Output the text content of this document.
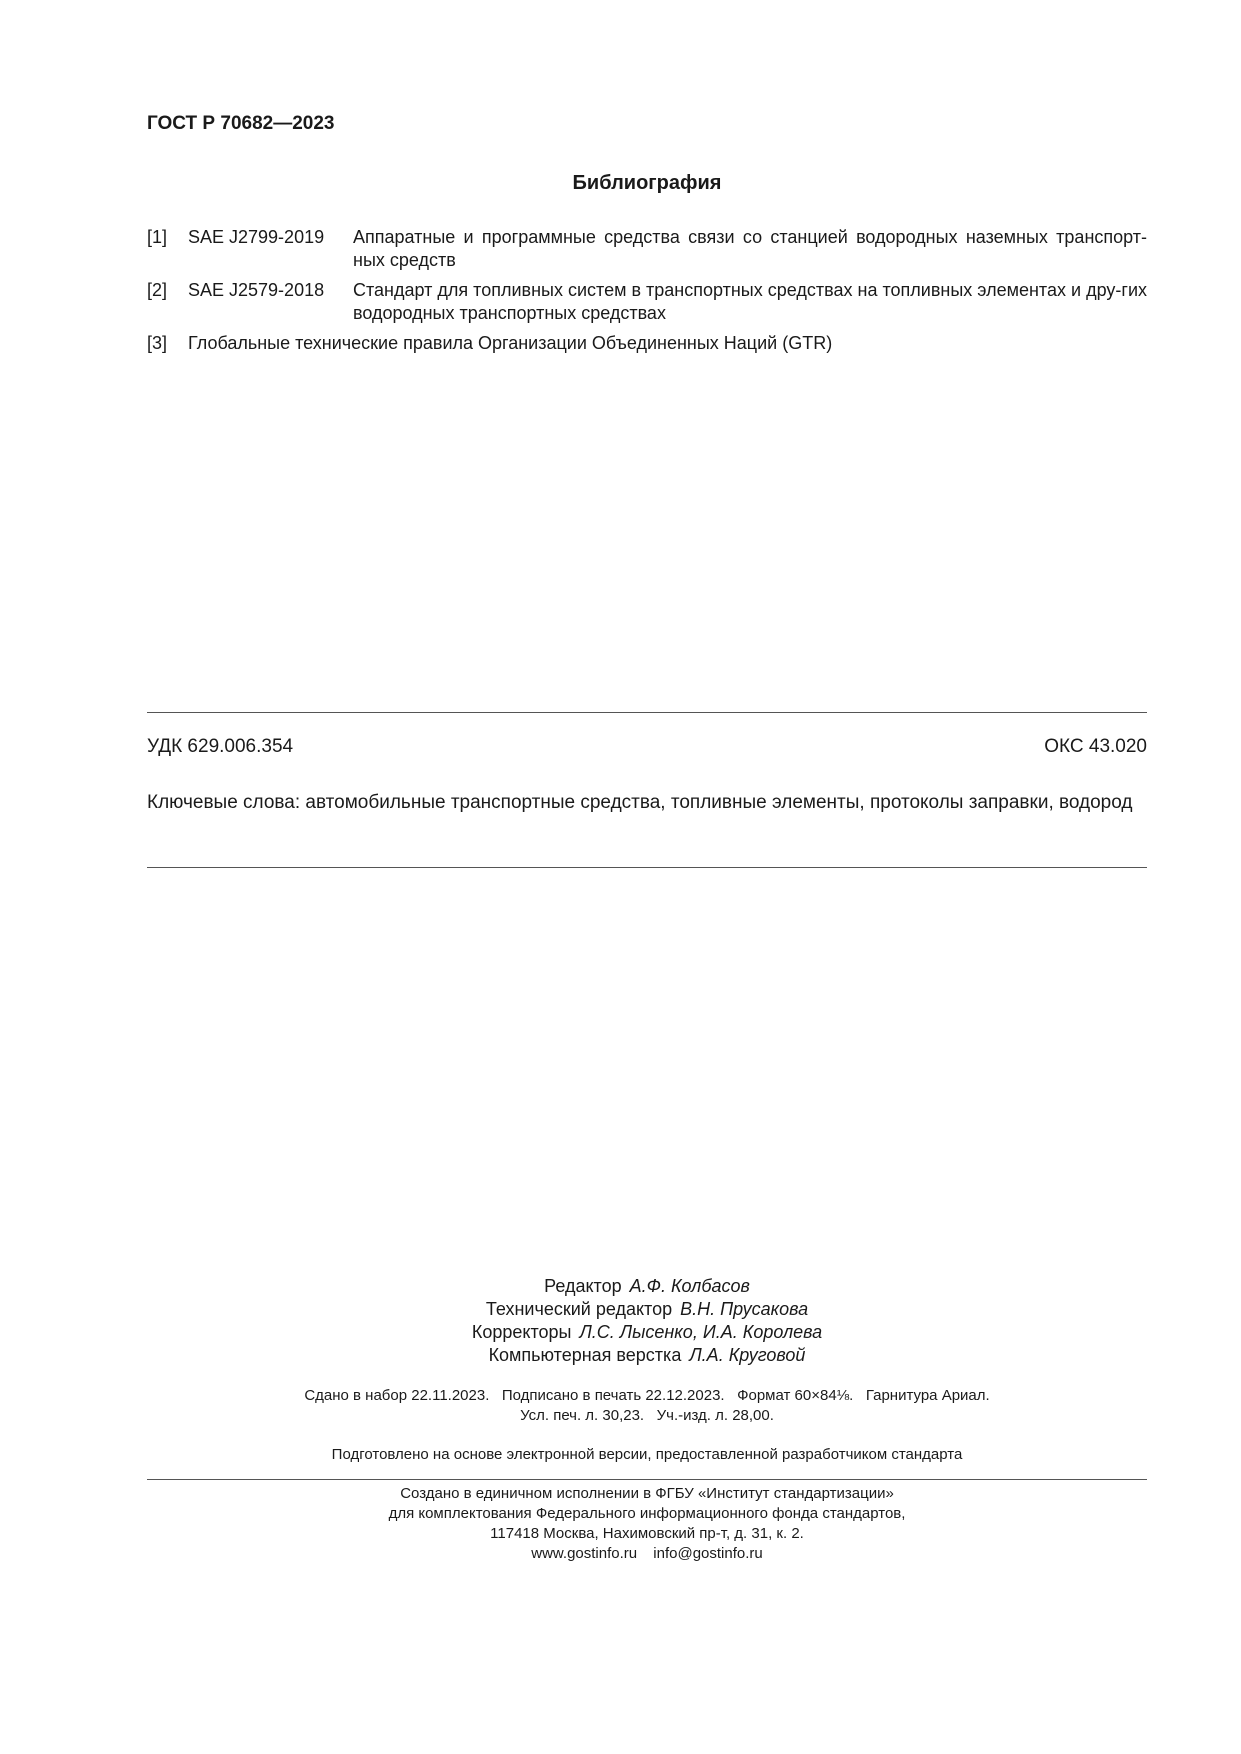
ГОСТ Р 70682—2023
Библиография
[1]	SAE J2799-2019	Аппаратные и программные средства связи со станцией водородных наземных транспорт-ных средств
[2]	SAE J2579-2018	Стандарт для топливных систем в транспортных средствах на топливных элементах и дру-гих водородных транспортных средствах
[3]	Глобальные технические правила Организации Объединенных Наций (GTR)
УДК 629.006.354	ОКС 43.020
Ключевые слова: автомобильные транспортные средства, топливные элементы, протоколы заправки, водород
Редактор А.Ф. Колбасов
Технический редактор В.Н. Прусакова
Корректоры Л.С. Лысенко, И.А. Королева
Компьютерная верстка Л.А. Круговой
Сдано в набор 22.11.2023.   Подписано в печать 22.12.2023.   Формат 60×84⅛.   Гарнитура Ариал.
Усл. печ. л. 30,23.   Уч.-изд. л. 28,00.
Подготовлено на основе электронной версии, предоставленной разработчиком стандарта
Создано в единичном исполнении в ФГБУ «Институт стандартизации»
для комплектования Федерального информационного фонда стандартов,
117418 Москва, Нахимовский пр-т, д. 31, к. 2.
www.gostinfo.ru info@gostinfo.ru
